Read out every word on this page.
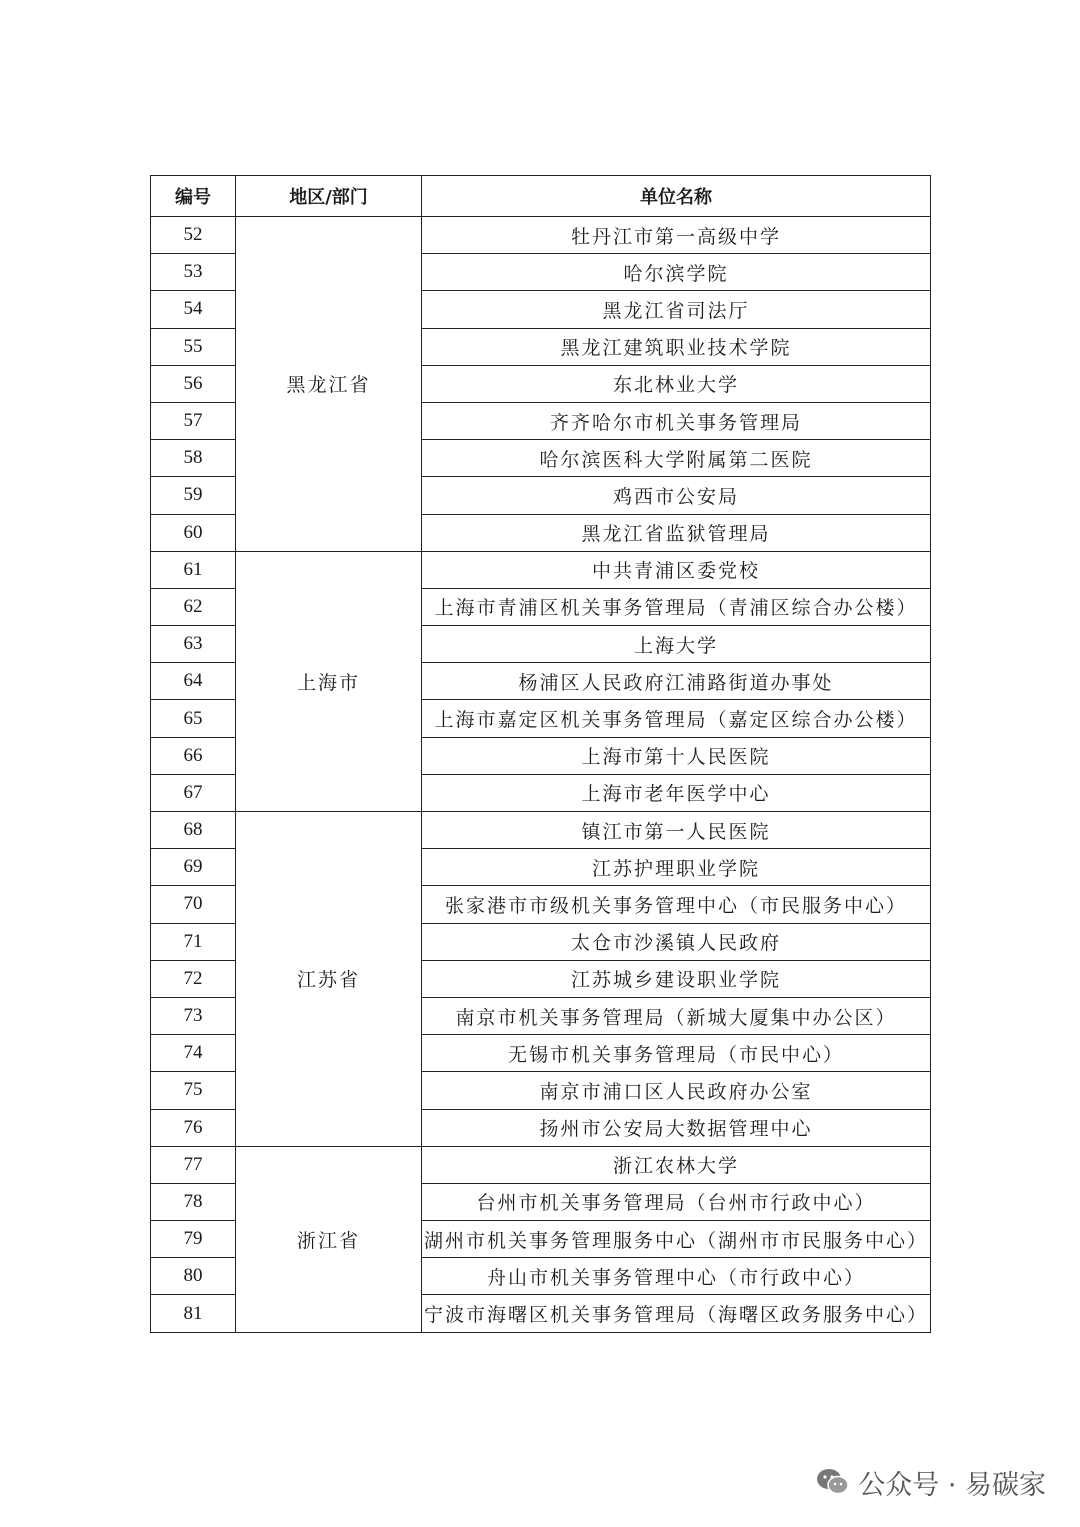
编号	地区/部门	单位名称
52	黑龙江省	牡丹江市第一高级中学
53		哈尔滨学院
54		黑龙江省司法厅
55		黑龙江建筑职业技术学院
56		东北林业大学
57		齐齐哈尔市机关事务管理局
58		哈尔滨医科大学附属第二医院
59		鸡西市公安局
60		黑龙江省监狱管理局
61	上海市	中共青浦区委党校
62		上海市青浦区机关事务管理局（青浦区综合办公楼）
63		上海大学
64		杨浦区人民政府江浦路街道办事处
65		上海市嘉定区机关事务管理局（嘉定区综合办公楼）
66		上海市第十人民医院
67		上海市老年医学中心
68	江苏省	镇江市第一人民医院
69		江苏护理职业学院
70		张家港市市级机关事务管理中心（市民服务中心）
71		太仓市沙溪镇人民政府
72		江苏城乡建设职业学院
73		南京市机关事务管理局（新城大厦集中办公区）
74		无锡市机关事务管理局（市民中心）
75		南京市浦口区人民政府办公室
76		扬州市公安局大数据管理中心
77	浙江省	浙江农林大学
78		台州市机关事务管理局（台州市行政中心）
79		湖州市机关事务管理服务中心（湖州市市民服务中心）
80		舟山市机关事务管理中心（市行政中心）
81		宁波市海曙区机关事务管理局（海曙区政务服务中心）
公众号 · 易碳家
